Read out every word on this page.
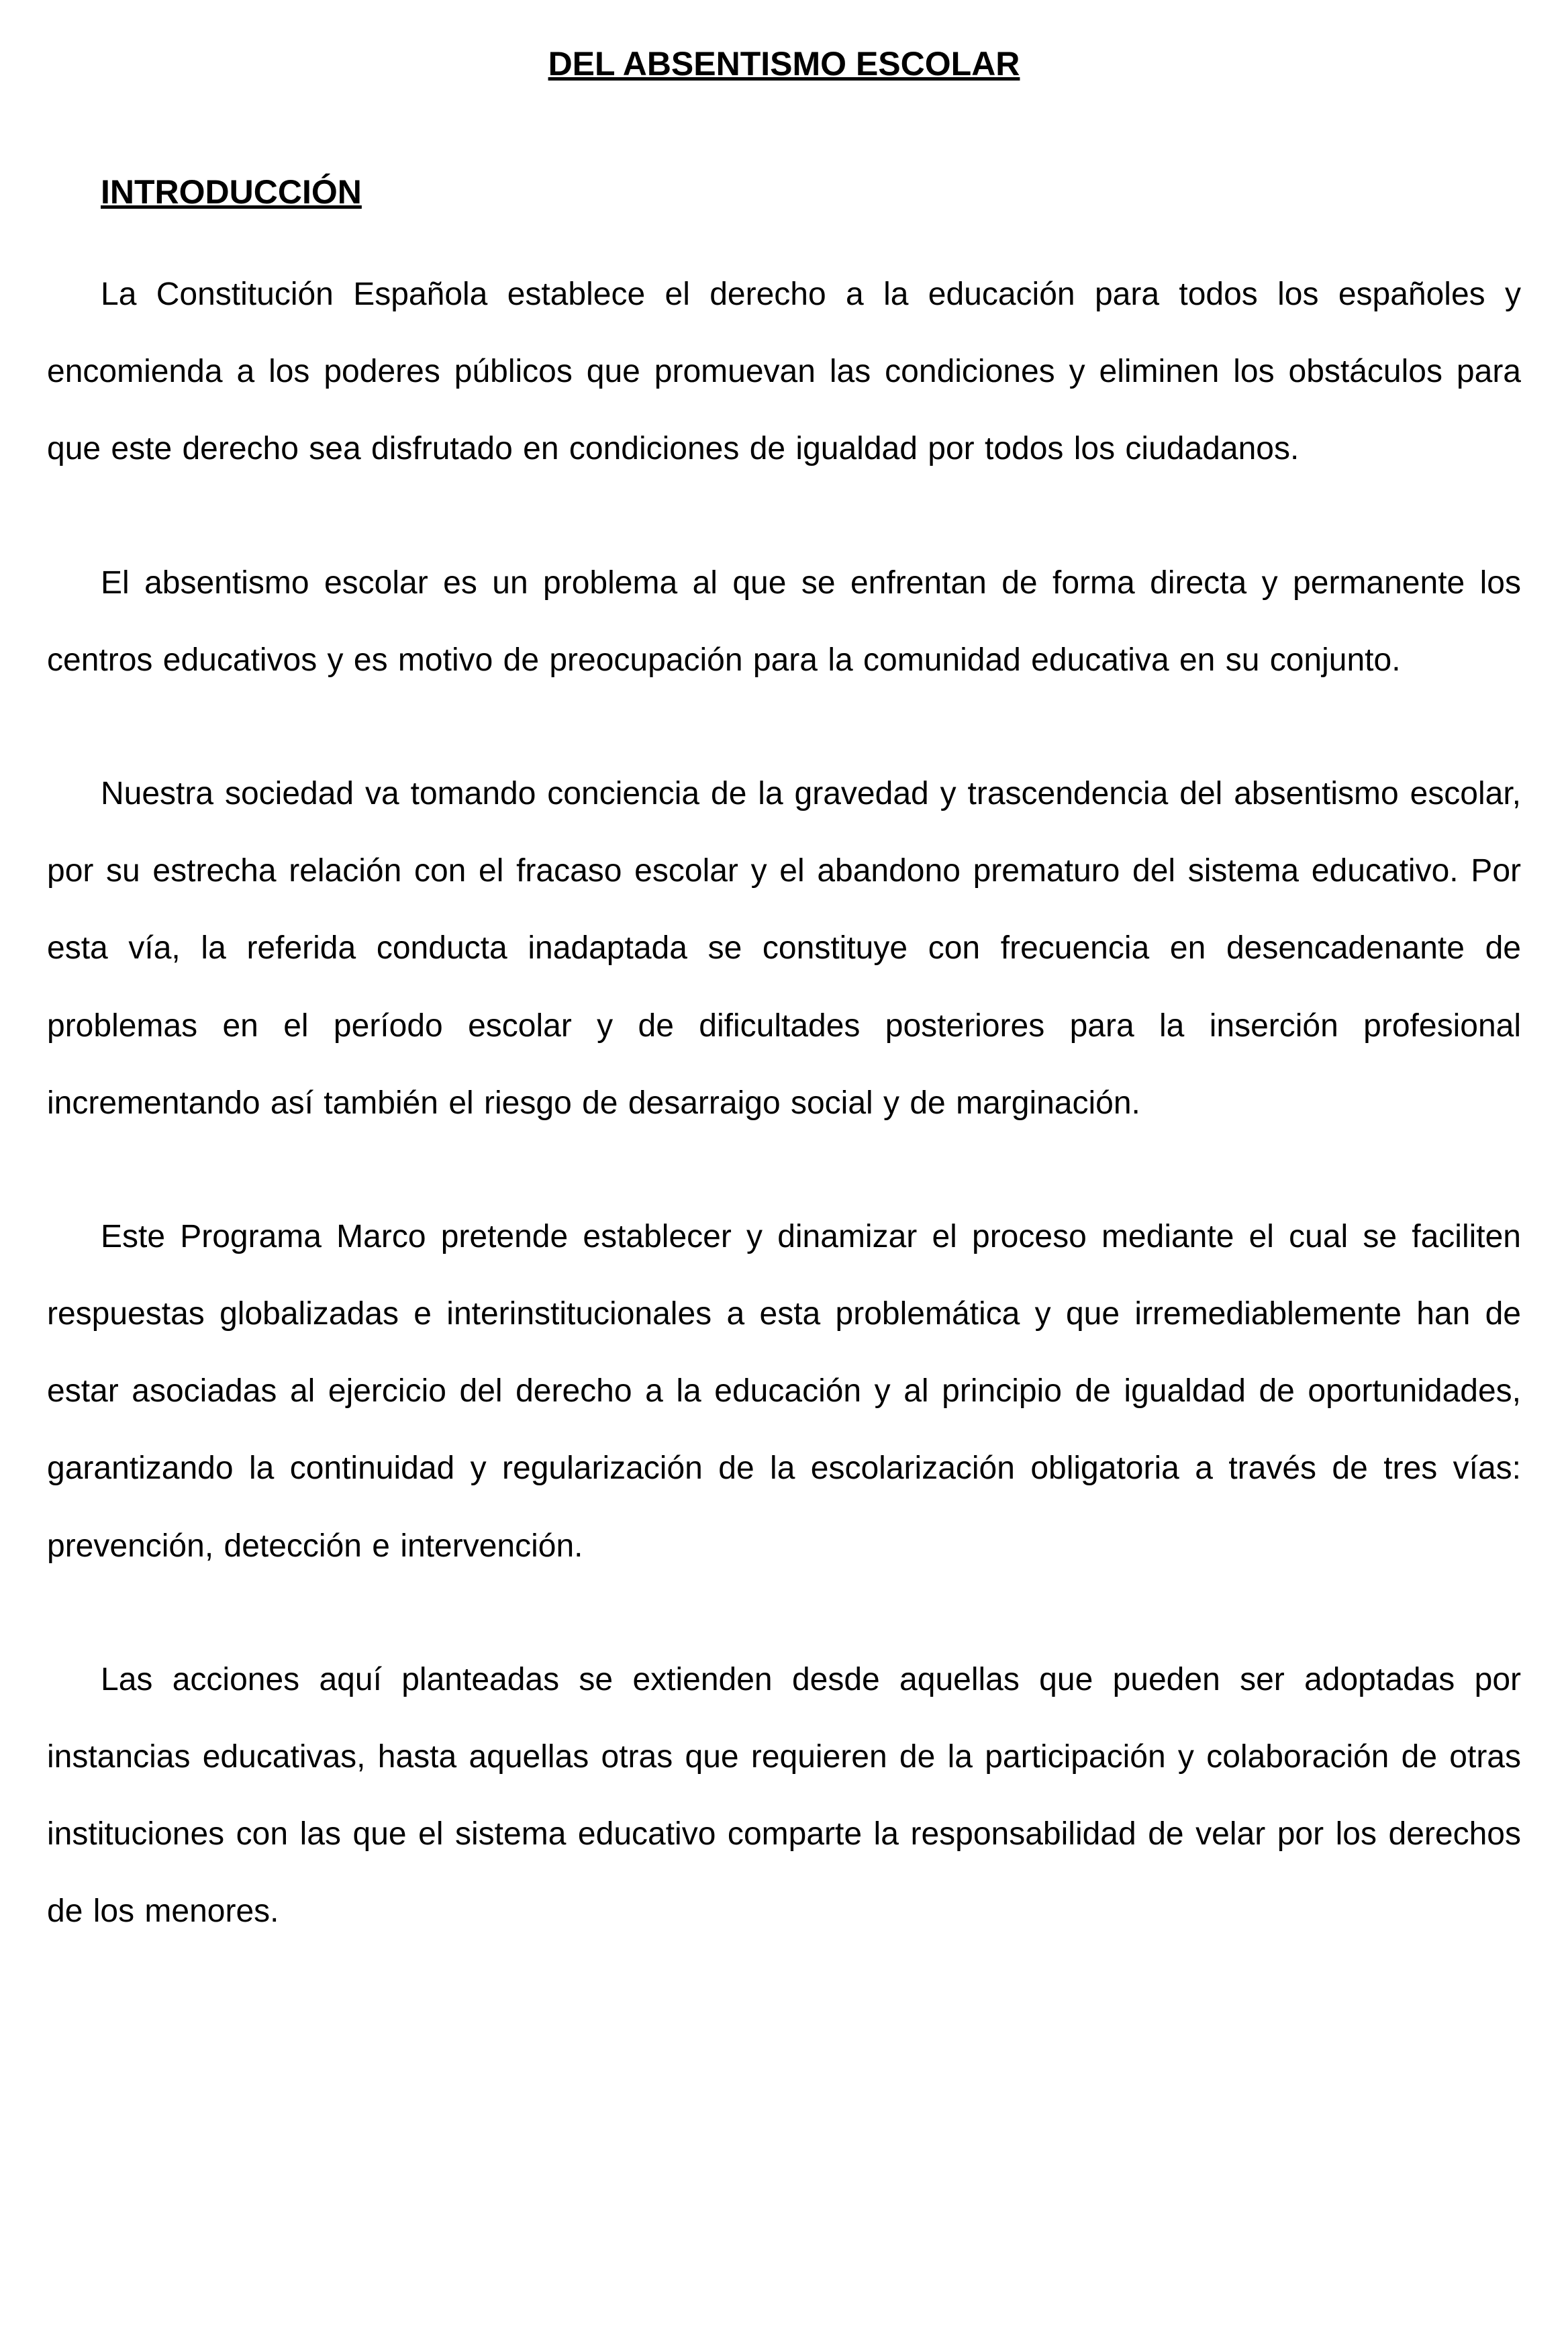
DEL ABSENTISMO ESCOLAR
INTRODUCCIÓN

La Constitución Española establece el derecho a la educación para todos los españoles y encomienda a los poderes públicos que promuevan las condiciones y eliminen los obstáculos para que este derecho sea disfrutado en condiciones de igualdad por todos los ciudadanos.

El absentismo escolar es un problema al que se enfrentan de forma directa y permanente los centros educativos y es motivo de preocupación para la comunidad educativa en su conjunto.

Nuestra sociedad va tomando conciencia de la gravedad y trascendencia del absentismo escolar, por su estrecha relación con el fracaso escolar y el abandono prematuro del sistema educativo. Por esta vía, la referida conducta inadaptada se constituye con frecuencia en desencadenante de problemas en el período escolar y de dificultades posteriores para la inserción profesional incrementando así también el riesgo de desarraigo social y de marginación.

Este Programa Marco pretende establecer y dinamizar el proceso mediante el cual se faciliten respuestas globalizadas e interinstitucionales a esta problemática y que irremediablemente han de estar asociadas al ejercicio del derecho a la educación y al principio de igualdad de oportunidades, garantizando la continuidad y regularización de la escolarización obligatoria a través de tres vías: prevención, detección e intervención.

Las acciones aquí planteadas se extienden desde aquellas que pueden ser adoptadas por instancias educativas, hasta aquellas otras que requieren de la participación y colaboración de otras instituciones con las que el sistema educativo comparte la responsabilidad de velar por los derechos de los menores.
